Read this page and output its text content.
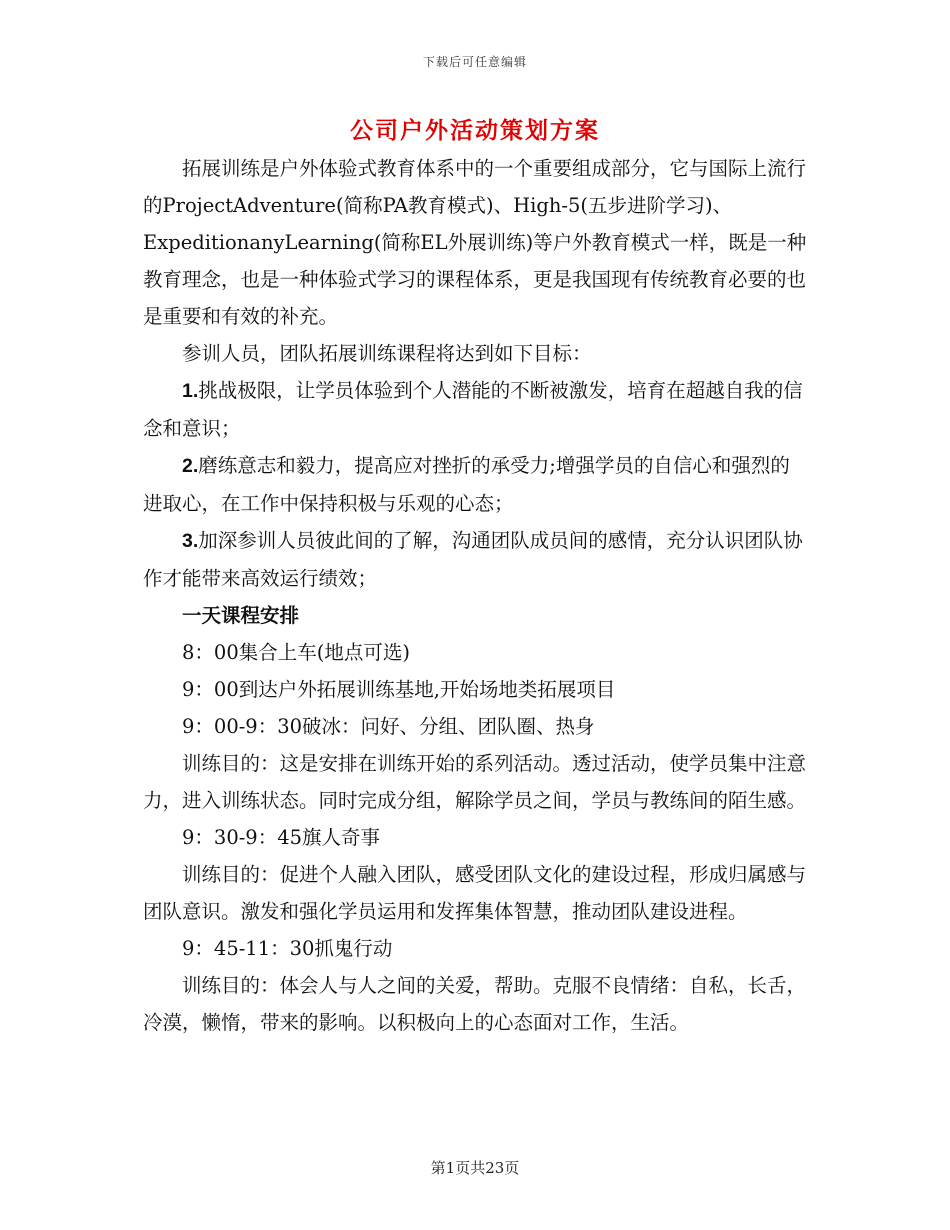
下载后可任意编辑
公司户外活动策划方案

拓展训练是户外体验式教育体系中的一个重要组成部分，它与国际上流行的ProjectAdventure(简称PA教育模式)、High-5(五步进阶学习)、ExpeditionanyLearning(简称EL外展训练)等户外教育模式一样，既是一种教育理念，也是一种体验式学习的课程体系，更是我国现有传统教育必要的也是重要和有效的补充。

参训人员，团队拓展训练课程将达到如下目标：

1.挑战极限，让学员体验到个人潜能的不断被激发，培育在超越自我的信念和意识；

2.磨练意志和毅力，提高应对挫折的承受力;增强学员的自信心和强烈的进取心，在工作中保持积极与乐观的心态；

3.加深参训人员彼此间的了解，沟通团队成员间的感情，充分认识团队协作才能带来高效运行绩效；

一天课程安排

8：00集合上车(地点可选)

9：00到达户外拓展训练基地,开始场地类拓展项目

9：00-9：30破冰：问好、分组、团队圈、热身

训练目的：这是安排在训练开始的系列活动。透过活动，使学员集中注意力，进入训练状态。同时完成分组，解除学员之间，学员与教练间的陌生感。

9：30-9：45旗人奇事

训练目的：促进个人融入团队，感受团队文化的建设过程，形成归属感与团队意识。激发和强化学员运用和发挥集体智慧，推动团队建设进程。

9：45-11：30抓鬼行动

训练目的：体会人与人之间的关爱，帮助。克服不良情绪：自私，长舌，冷漠，懒惰，带来的影响。以积极向上的心态面对工作，生活。

第1页共23页
